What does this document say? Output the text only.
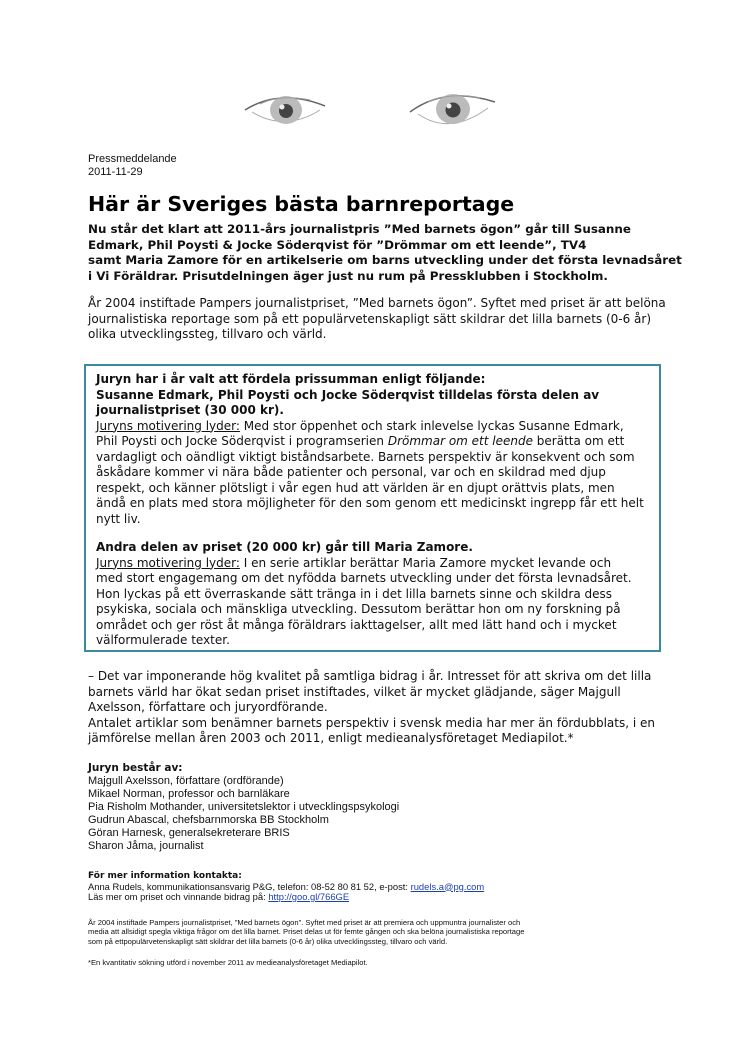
Pressmeddelande
2011-11-29
Här är Sveriges bästa barnreportage

Nu står det klart att 2011-års journalistpris ”Med barnets ögon” går till Susanne

Edmark, Phil Poysti & Jocke Söderqvist för ”Drömmar om ett leende”, TV4

samt Maria Zamore för en artikelserie om barns utveckling under det första levnadsåret

i Vi Föräldrar. Prisutdelningen äger just nu rum på Pressklubben i Stockholm.

År 2004 instiftade Pampers journalistpriset, ”Med barnets ögon”. Syftet med priset är att belöna

journalistiska reportage som på ett populärvetenskapligt sätt skildrar det lilla barnets (0-6 år)

olika utvecklingssteg, tillvaro och värld.

Juryn har i år valt att fördela prissumman enligt följande:

Susanne Edmark, Phil Poysti och Jocke Söderqvist tilldelas första delen av

journalistpriset (30 000 kr).

Juryns motivering lyder: Med stor öppenhet och stark inlevelse lyckas Susanne Edmark,

Phil Poysti och Jocke Söderqvist i programserien Drömmar om ett leende berätta om ett

vardagligt och oändligt viktigt biståndsarbete. Barnets perspektiv är konsekvent och som

åskådare kommer vi nära både patienter och personal, var och en skildrad med djup

respekt, och känner plötsligt i vår egen hud att världen är en djupt orättvis plats, men

ändå en plats med stora möjligheter för den som genom ett medicinskt ingrepp får ett helt

nytt liv.

Andra delen av priset (20 000 kr) går till Maria Zamore.

Juryns motivering lyder: I en serie artiklar berättar Maria Zamore mycket levande och

med stort engagemang om det nyfödda barnets utveckling under det första levnadsåret.

Hon lyckas på ett överraskande sätt tränga in i det lilla barnets sinne och skildra dess

psykiska, sociala och mänskliga utveckling. Dessutom berättar hon om ny forskning på

området och ger röst åt många föräldrars iakttagelser, allt med lätt hand och i mycket

välformulerade texter.

– Det var imponerande hög kvalitet på samtliga bidrag i år. Intresset för att skriva om det lilla

barnets värld har ökat sedan priset instiftades, vilket är mycket glädjande, säger Majgull

Axelsson, författare och juryordförande.

Antalet artiklar som benämner barnets perspektiv i svensk media har mer än fördubblats, i en

jämförelse mellan åren 2003 och 2011, enligt medieanalysföretaget Mediapilot.*

Juryn består av:

Majgull Axelsson, författare (ordförande)

Mikael Norman, professor och barnläkare

Pia Risholm Mothander, universitetslektor i utvecklingspsykologi

Gudrun Abascal, chefsbarnmorska BB Stockholm

Göran Harnesk, generalsekreterare BRIS

Sharon Jåma, journalist

För mer information kontakta:

Anna Rudels, kommunikationsansvarig P&G, telefon: 08-52 80 81 52, e-post: rudels.a@pg.com

Läs mer om priset och vinnande bidrag på: http://goo.gl/766GE

År 2004 instiftade Pampers journalistpriset, ”Med barnets ögon”. Syftet med priset är att premiera och uppmuntra journalister och

media att allsidigt spegla viktiga frågor om det lilla barnet. Priset delas ut för femte gången och ska belöna journalistiska reportage

som på ettpopulärvetenskapligt sätt skildrar det lilla barnets (0-6 år) olika utvecklingssteg, tillvaro och värld.

*En kvantitativ sökning utförd i november 2011 av medieanalysföretaget Mediapilot.
